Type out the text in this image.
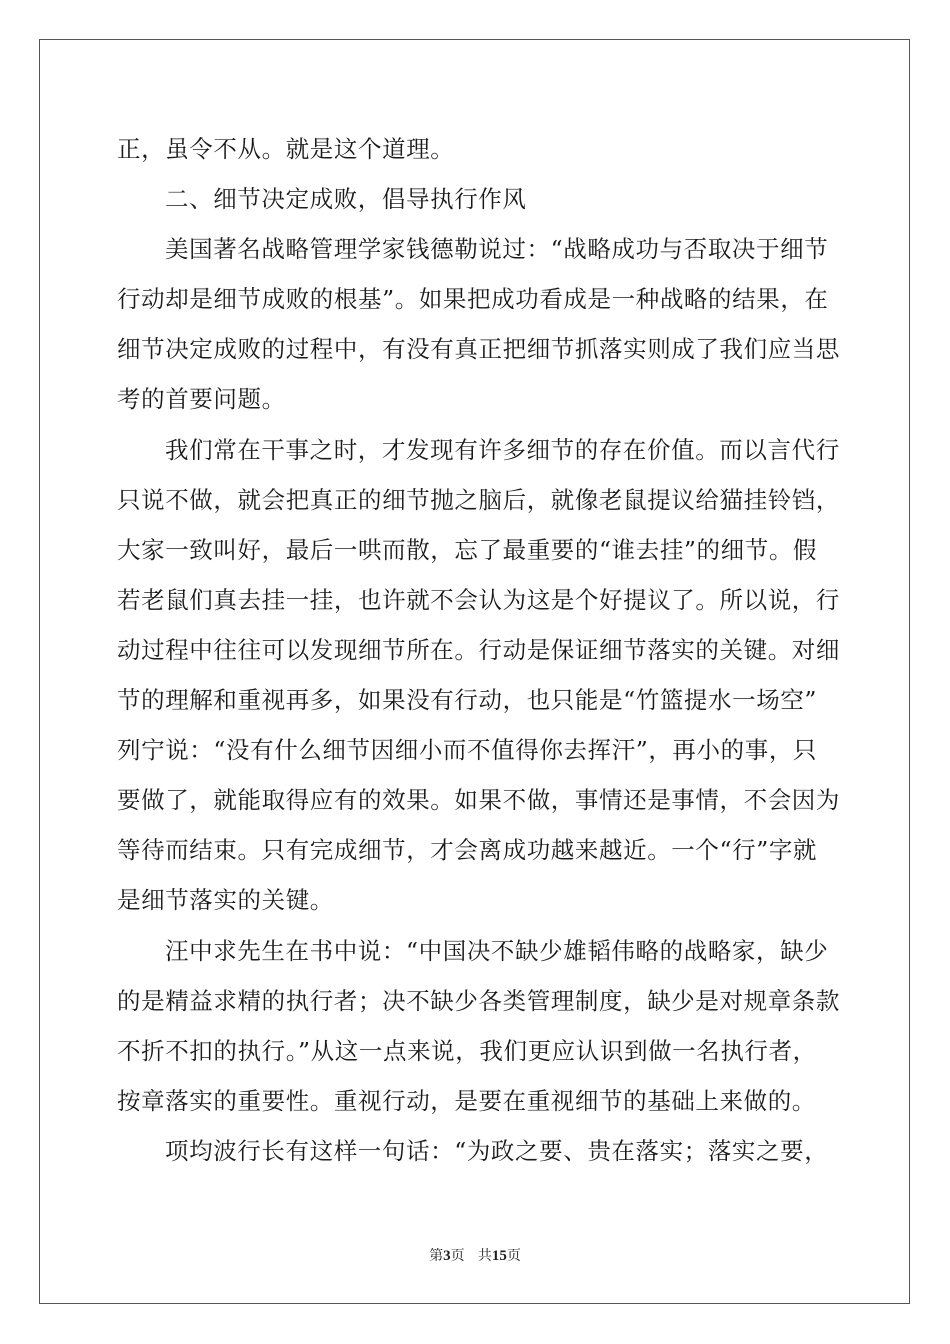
正，虽令不从。就是这个道理。
二、细节决定成败，倡导执行作风
美国著名战略管理学家钱德勒说过：“战略成功与否取决于细节
行动却是细节成败的根基”。如果把成功看成是一种战略的结果，在
细节决定成败的过程中，有没有真正把细节抓落实则成了我们应当思
考的首要问题。
我们常在干事之时，才发现有许多细节的存在价值。而以言代行
只说不做，就会把真正的细节抛之脑后，就像老鼠提议给猫挂铃铛，
大家一致叫好，最后一哄而散，忘了最重要的“谁去挂”的细节。假
若老鼠们真去挂一挂，也许就不会认为这是个好提议了。所以说，行
动过程中往往可以发现细节所在。行动是保证细节落实的关键。对细
节的理解和重视再多，如果没有行动，也只能是“竹篮提水一场空”
列宁说：“没有什么细节因细小而不值得你去挥汗”，再小的事，只
要做了，就能取得应有的效果。如果不做，事情还是事情，不会因为
等待而结束。只有完成细节，才会离成功越来越近。一个“行”字就
是细节落实的关键。
汪中求先生在书中说：“中国决不缺少雄韬伟略的战略家，缺少
的是精益求精的执行者；决不缺少各类管理制度，缺少是对规章条款
不折不扣的执行。”从这一点来说，我们更应认识到做一名执行者，
按章落实的重要性。重视行动，是要在重视细节的基础上来做的。
项均波行长有这样一句话：“为政之要、贵在落实；落实之要，
第3页 共15页
